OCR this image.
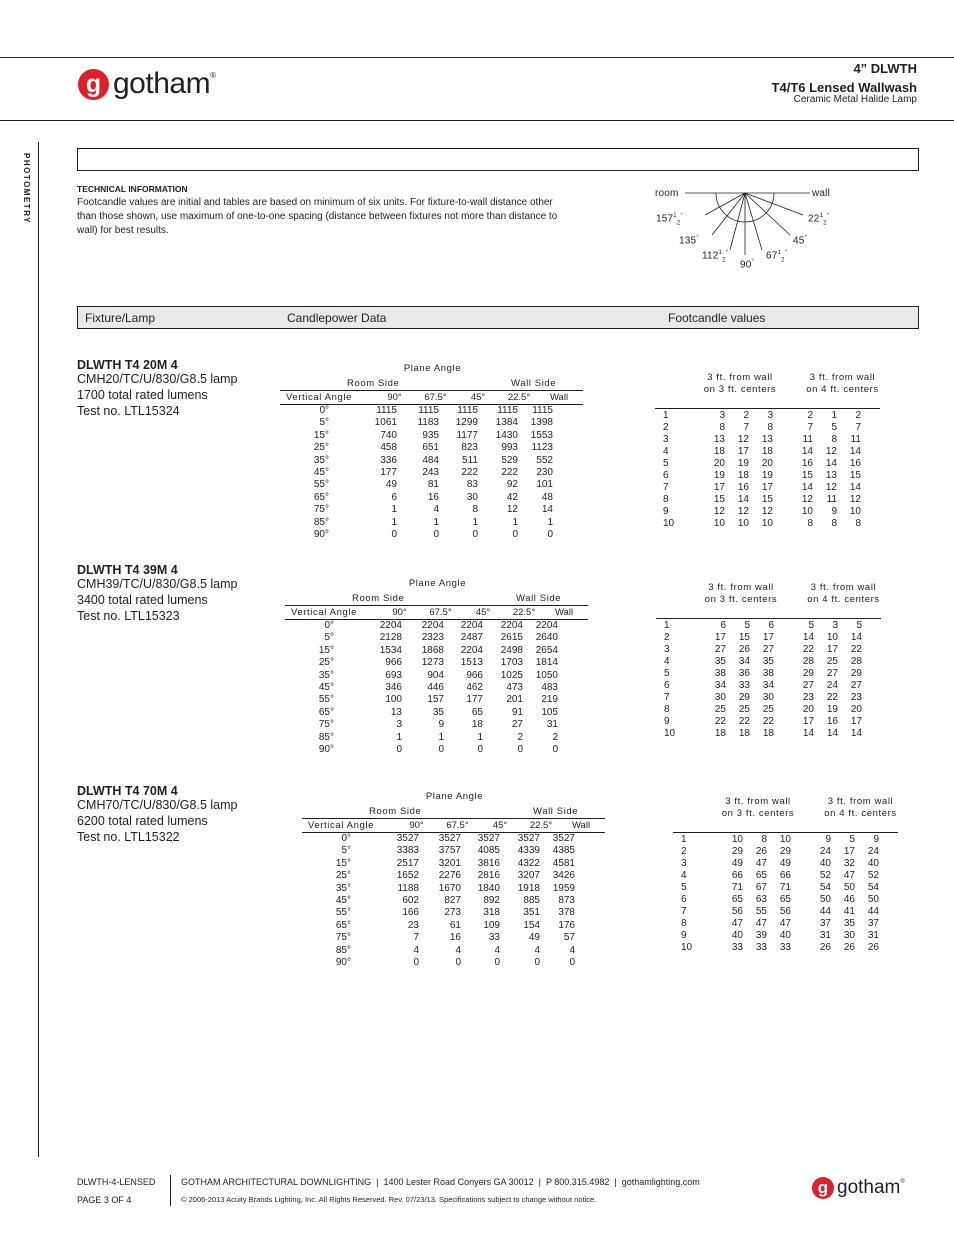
g gotham ®	4” DLWTH
T4/T6 Lensed Wallwash
Ceramic Metal Halide Lamp
PHOTOMETRY	TECHNICAL INFORMATION
Footcandle values are initial and tables are based on minimum of six units. For fixture-to-wall distance other than those shown, use maximum of one-to-one spacing (distance between fixtures not more than distance to wall) for best results.
room	wall
$157^1_2^\circ$
135°
$112^1_2^\circ$
90°
$67^1_2^\circ$
45°
$22^1_2^\circ$
Fixture/Lamp	Candlepower Data	Footcandle values
DLWTH T4 20M 4
CMH20/TC/U/830/G8.5 lamp
1700 total rated lumens
Test no. LTL15324
Plane Angle
Room Side	Wall Side
Vertical Angle	90°	67.5°	45°	22.5°	Wall
0°	1115	1115	1115	1115	1115
5°	1061	1183	1299	1384	1398
15°	740	935	1177	1430	1553
25°	458	651	823	993	1123
35°	336	484	511	529	552
45°	177	243	222	222	230
55°	49	81	83	92	101
65°	6	16	30	42	48
75°	1	4	8	12	14
85°	1	1	1	1	1
90°	0	0	0	0	0
3 ft. from wall
on 3 ft. centers
3 ft. from wall
on 4 ft. centers
1	3	2	3	2	1	2
2	8	7	8	7	5	7
3	13	12	13	11	8	11
4	18	17	18	14	12	14
5	20	19	20	16	14	16
6	19	18	19	15	13	15
7	17	16	17	14	12	14
8	15	14	15	12	11	12
9	12	12	12	10	9	10
10	10	10	10	8	8	8
DLWTH T4 39M 4
CMH39/TC/U/830/G8.5 lamp
3400 total rated lumens
Test no. LTL15323
Plane Angle
Room Side	Wall Side
Vertical Angle	90°	67.5°	45°	22.5°	Wall
0°	2204	2204	2204	2204	2204
5°	2128	2323	2487	2615	2640
15°	1534	1868	2204	2498	2654
25°	966	1273	1513	1703	1814
35°	693	904	966	1025	1050
45°	346	446	462	473	483
55°	100	157	177	201	219
65°	13	35	65	91	105
75°	3	9	18	27	31
85°	1	1	1	2	2
90°	0	0	0	0	0
3 ft. from wall
on 3 ft. centers
3 ft. from wall
on 4 ft. centers
1	6	5	6	5	3	5
2	17	15	17	14	10	14
3	27	26	27	22	17	22
4	35	34	35	28	25	28
5	38	36	38	29	27	29
6	34	33	34	27	24	27
7	30	29	30	23	22	23
8	25	25	25	20	19	20
9	22	22	22	17	16	17
10	18	18	18	14	14	14
DLWTH T4 70M 4
CMH70/TC/U/830/G8.5 lamp
6200 total rated lumens
Test no. LTL15322
Plane Angle
Room Side	Wall Side
Vertical Angle	90°	67.5°	45°	22.5°	Wall
0°	3527	3527	3527	3527	3527
5°	3383	3757	4085	4339	4385
15°	2517	3201	3816	4322	4581
25°	1652	2276	2816	3207	3426
35°	1188	1670	1840	1918	1959
45°	602	827	892	885	873
55°	166	273	318	351	378
65°	23	61	109	154	176
75°	7	16	33	49	57
85°	4	4	4	4	4
90°	0	0	0	0	0
3 ft. from wall
on 3 ft. centers
3 ft. from wall
on 4 ft. centers
1	10	8	10	9	5	9
2	29	26	29	24	17	24
3	49	47	49	40	32	40
4	66	65	66	52	47	52
5	71	67	71	54	50	54
6	65	63	65	50	46	50
7	56	55	56	44	41	44
8	47	47	47	37	35	37
9	40	39	40	31	30	31
10	33	33	33	26	26	26
DLWTH-4-LENSED
PAGE 3 OF 4
GOTHAM ARCHITECTURAL DOWNLIGHTING  |  1400 Lester Road Conyers GA 30012  |  P 800.315.4982  |  gothamlighting.com
© 2006-2013 Acuity Brands Lighting, Inc. All Rights Reserved. Rev. 07/23/13. Specifications subject to change without notice.
g gotham ®
